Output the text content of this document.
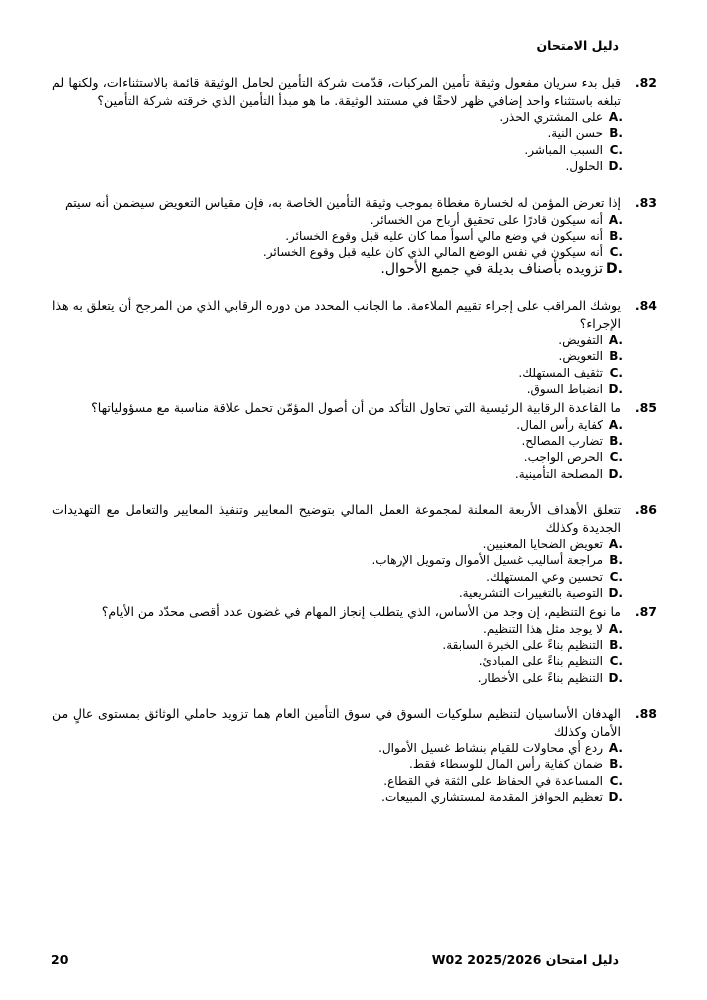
دليل الامتحان
.82
قبل بدء سريان مفعول وثيقة تأمين المركبات، قدّمت شركة التأمين لحامل الوثيقة قائمة بالاستثناءات، ولكنها لم تبلغه باستثناء واحد إضافي ظهر لاحقًا في مستند الوثيقة. ما هو مبدأ التأمين الذي خرقته شركة التأمين؟
A.
على المشتري الحذر.
B.
حسن النية.
C.
السبب المباشر.
D.
الحلول.
.83
إذا تعرض المؤمن له لخسارة مغطاة بموجب وثيقة التأمين الخاصة به، فإن مقياس التعويض سيضمن أنه سيتم
A.
أنه سيكون قادرًا على تحقيق أرباح من الخسائر.
B.
أنه سيكون في وضع مالي أسوأ مما كان عليه قبل وقوع الخسائر.
C.
أنه سيكون في نفس الوضع المالي الذي كان عليه قبل وقوع الخسائر.
D.
تزويده بأصناف بديلة في جميع الأحوال.
.84
يوشك المراقب على إجراء تقييم الملاءمة. ما الجانب المحدد من دوره الرقابي الذي من المرجح أن يتعلق به هذا الإجراء؟
A.
التفويض.
B.
التعويض.
C.
تثقيف المستهلك.
D.
انضباط السوق.
.85
ما القاعدة الرقابية الرئيسية التي تحاول التأكد من أن أصول المؤمّن تحمل علاقة مناسبة مع مسؤولياتها؟
A.
كفاية رأس المال.
B.
تضارب المصالح.
C.
الحرص الواجب.
D.
المصلحة التأمينية.
.86
تتعلق الأهداف الأربعة المعلنة لمجموعة العمل المالي بتوضيح المعايير وتنفيذ المعايير والتعامل مع التهديدات الجديدة وكذلك
A.
تعويض الضحايا المعنيين.
B.
مراجعة أساليب غسيل الأموال وتمويل الإرهاب.
C.
تحسين وعي المستهلك.
D.
التوصية بالتغييرات التشريعية.
.87
ما نوع التنظيم، إن وجد من الأساس، الذي يتطلب إنجاز المهام في غضون عدد أقصى محدّد من الأيام؟
A.
لا يوجد مثل هذا التنظيم.
B.
التنظيم بناءً على الخبرة السابقة.
C.
التنظيم بناءً على المبادئ.
D.
التنظيم بناءً على الأخطار.
.88
الهدفان الأساسيان لتنظيم سلوكيات السوق في سوق التأمين العام هما تزويد حاملي الوثائق بمستوى عالٍ من الأمان وكذلك
A.
ردع أي محاولات للقيام بنشاط غسيل الأموال.
B.
ضمان كفاية رأس المال للوسطاء فقط.
C.
المساعدة في الحفاظ على الثقة في القطاع.
D.
تعظيم الحوافز المقدمة لمستشاري المبيعات.
20	دليل امتحان W02 2025/2026
